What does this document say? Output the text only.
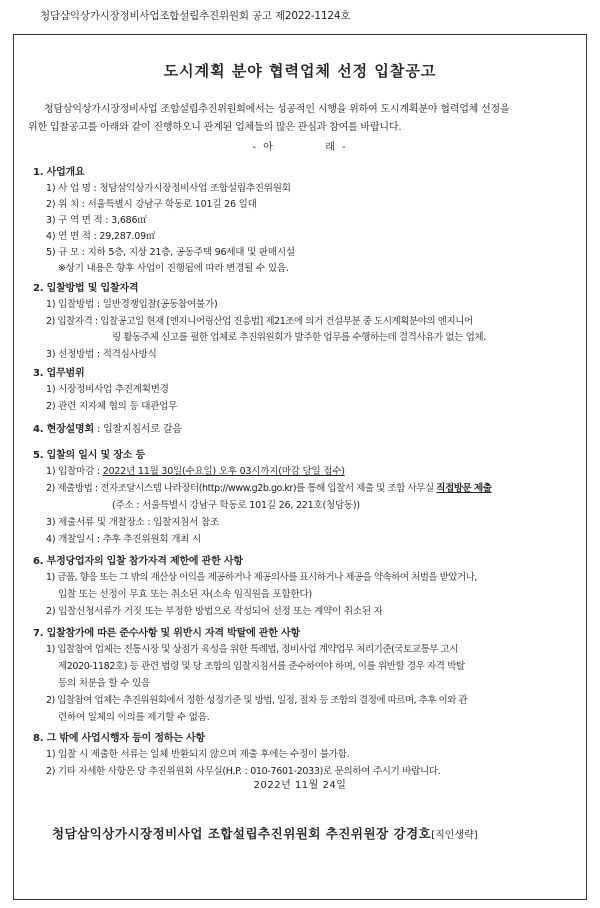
청담삼익상가시장정비사업조합설립추진위원회 공고 제2022-1124호
도시계획 분야 협력업체 선정 입찰공고
청담삼익상가시장정비사업 조합설립추진위원회에서는 성공적인 시행을 위하여 도시계획분야 협력업체 선정을
위한 입찰공고를 아래와 같이 진행하오니 관계된 업체들의 많은 관심과 참여를 바랍니다.
- 아	래 -
1. 사업개요
1) 사 업 명 : 청담삼익상가시장정비사업 조합설립추진위원회
2) 위 치 : 서울특별시 강남구 학동로 101길 26 일대
3) 구 역 면 적 : 3,686㎡
4) 연 면 적 : 29,287.09㎡
5) 규 모 : 지하 5층, 지상 21층, 공동주택 96세대 및 판매시설
※상기 내용은 향후 사업이 진행됨에 따라 변경될 수 있음.
2. 입찰방법 및 입찰자격
1) 입찰방법 : 일반경쟁입찰(공동참여불가)
2) 입찰자격 : 입찰공고일 현재 [엔지니어링산업 진흥법] 제21조에 의거 건설부분 중 도시계획분야의 엔지니어
링 활동주체 신고를 필한 업체로 추진위원회가 발주한 업무를 수행하는데 결격사유가 없는 업체.
3) 선정방법 : 적격심사방식
3. 업무범위
1) 시장정비사업 추진계획변경
2) 관련 지자체 협의 등 대관업무
4. 현장설명회 : 입찰지침서로 갈음
5. 입찰의 일시 및 장소 등
1) 입찰마감 : 2022년 11월 30일(수요일) 오후 03시까지(마감 당일 접수)
2) 제출방법 : 전자조달시스템 나라장터(http://www.g2b.go.kr)를 통해 입찰서 제출 및 조합 사무실 직접방문 제출
(주소 : 서울특별시 강남구 학동로 101길 26, 221호(청담동))
3) 제출서류 및 개찰장소 : 입찰지침서 참조
4) 개찰일시 : 추후 추진위원회 개최 시
6. 부정당업자의 입찰 참가자격 제한에 관한 사항
1) 금품, 향응 또는 그 밖의 재산상 이익을 제공하거나 제공의사를 표시하거나 제공을 약속하여 처벌을 받았거나,
입찰 또는 선정이 무효 또는 취소된 자(소속 임직원을 포함한다)
2) 입찰신청서류가 거짓 또는 부정한 방법으로 작성되어 선정 또는 계약이 취소된 자
7. 입찰참가에 따른 준수사항 및 위반시 자격 박탈에 관한 사항
1) 입찰참여 업체는 전통시장 및 상점가 육성을 위한 특례법, 정비사업 계약업무 처리기준(국토교통부 고시
제2020-1182호) 등 관련 법령 및 당 조합의 입찰지침서를 준수하여야 하며, 이를 위반할 경우 자격 박탈
등의 처분을 할 수 있음
2) 입찰참여 업체는 추진위원회에서 정한 성정기준 및 방법, 일정, 절차 등 조합의 결정에 따르며, 추후 이와 관
련하여 일체의 이의를 제기할 수 없음.
8. 그 밖에 사업시행자 등이 정하는 사항
1) 입찰 시 제출한 서류는 일체 반환되지 않으며 제출 후에는 수정이 불가함.
2) 기타 자세한 사항은 당 추진위원회 사무실(H.P. : 010-7601-2033)로 문의하여 주시기 바랍니다.
2022년 11월 24일
청담삼익상가시장정비사업 조합설립추진위원회 추진위원장 강경호[직인생략]
